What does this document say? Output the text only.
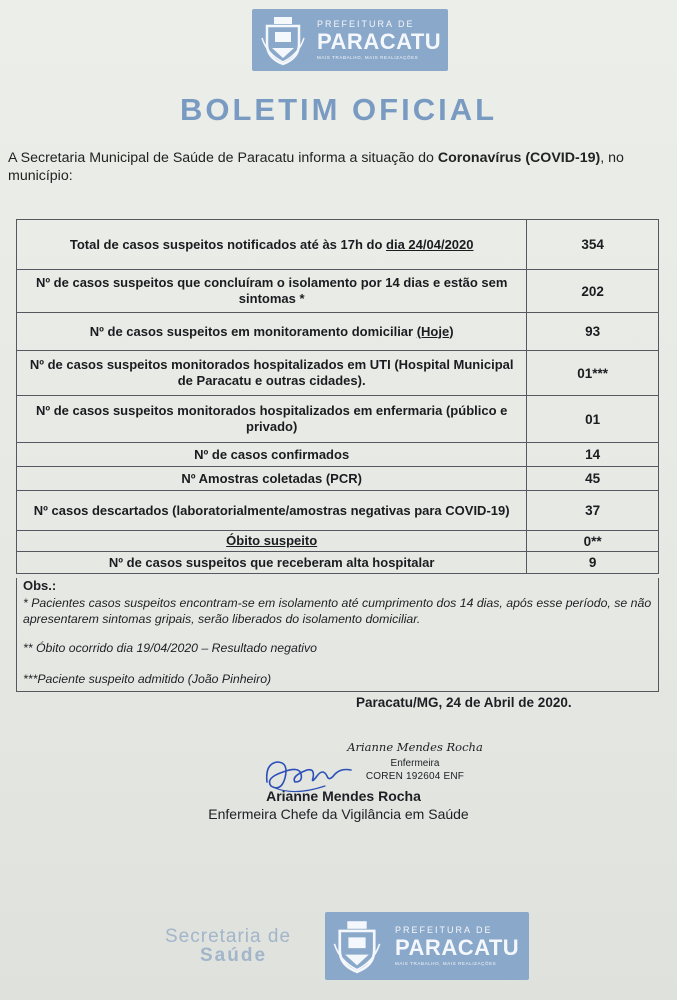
PREFEITURA DE
PARACATU
MAIS TRABALHO, MAIS REALIZAÇÕES
BOLETIM OFICIAL

A Secretaria Municipal de Saúde de Paracatu informa a situação do Coronavírus (COVID-19), no município:

Total de casos suspeitos notificados até às 17h do dia 24/04/2020	354
Nº de casos suspeitos que concluíram o isolamento por 14 dias e estão sem sintomas *	202
Nº de casos suspeitos em monitoramento domiciliar (Hoje)	93
Nº de casos suspeitos monitorados hospitalizados em UTI (Hospital Municipal de Paracatu e outras cidades).	01***
Nº de casos suspeitos monitorados hospitalizados em enfermaria (público e privado)	01
Nº de casos confirmados	14
Nº Amostras coletadas (PCR)	45
Nº casos descartados (laboratorialmente/amostras negativas para COVID-19)	37
Óbito suspeito	0**
Nº de casos suspeitos que receberam alta hospitalar	9
Obs.:
* Pacientes casos suspeitos encontram-se em isolamento até cumprimento dos 14 dias, após esse período, se não apresentarem sintomas gripais, serão liberados do isolamento domiciliar.
** Óbito ocorrido dia 19/04/2020 – Resultado negativo
***Paciente suspeito admitido (João Pinheiro)
Paracatu/MG, 24 de Abril de 2020.
Arianne Mendes Rocha
Enfermeira
COREN 192604 ENF
Arianne Mendes Rocha
Enfermeira Chefe da Vigilância em Saúde
Secretaria de
Saúde
PREFEITURA DE
PARACATU
MAIS TRABALHO, MAIS REALIZAÇÕES
